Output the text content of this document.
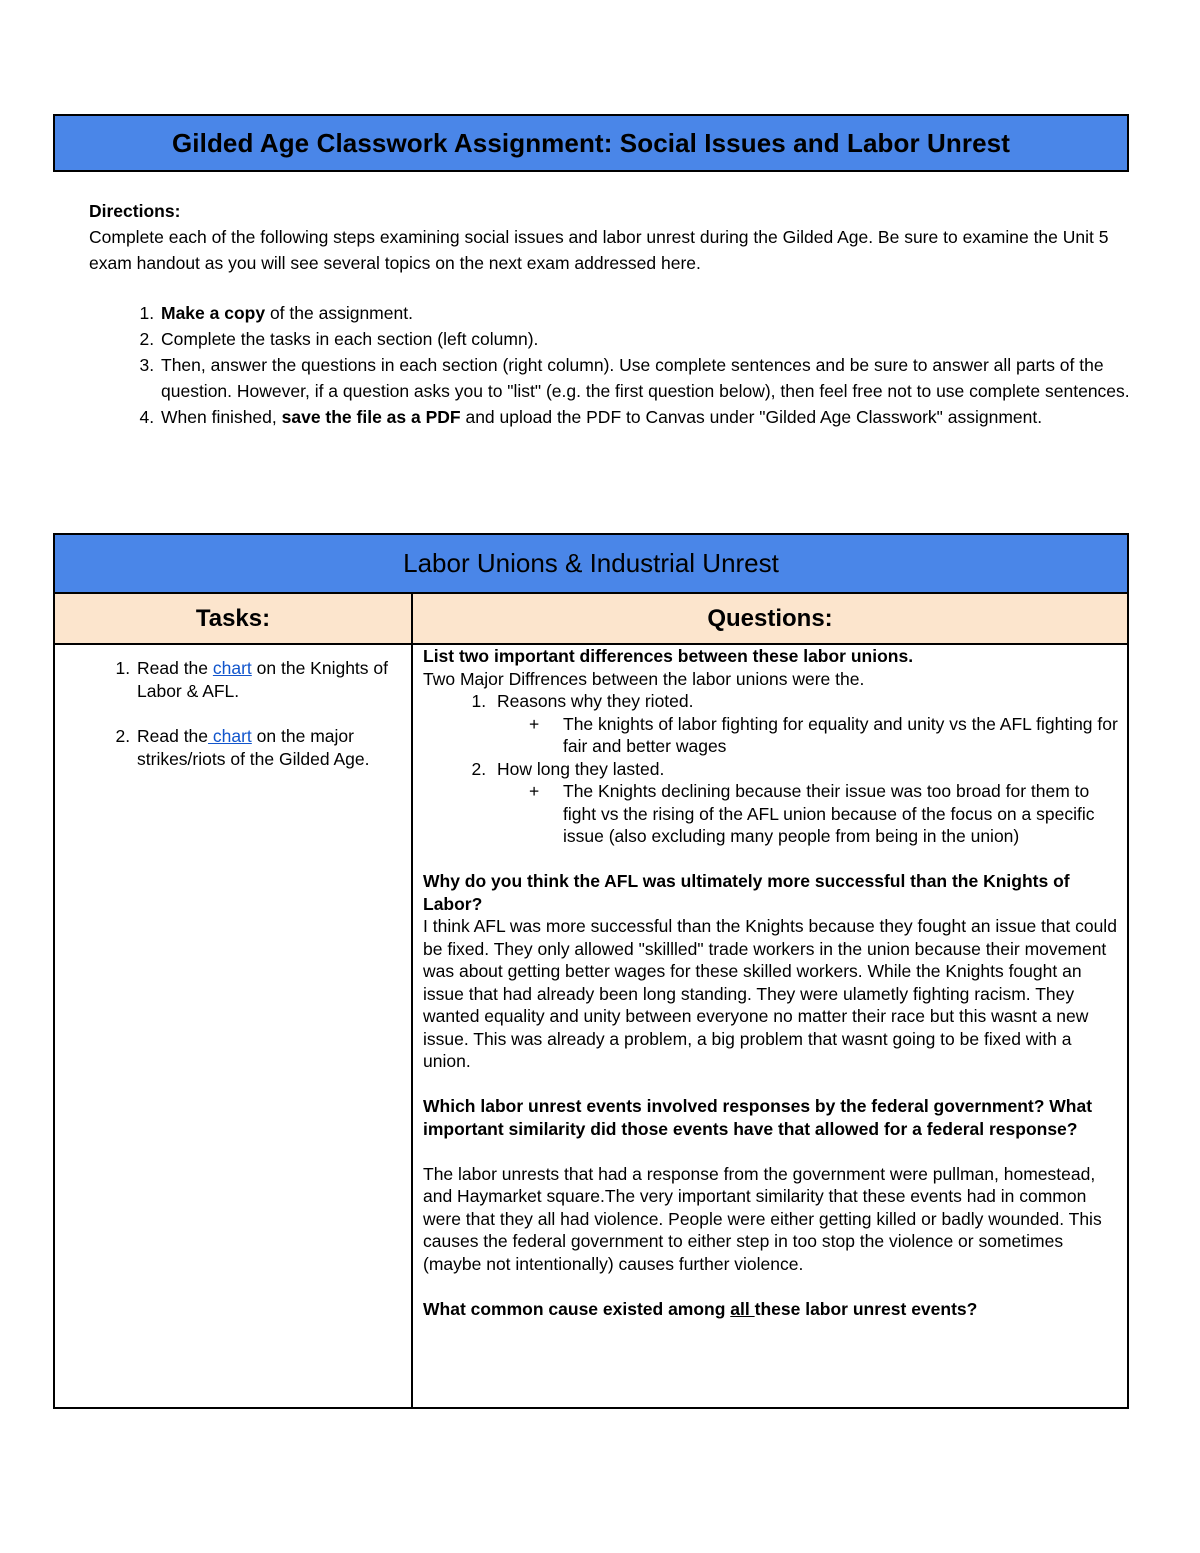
Gilded Age Classwork Assignment: Social Issues and Labor Unrest
Directions:

Complete each of the following steps examining social issues and labor unrest during the Gilded Age. Be sure to examine the Unit 5 exam handout as you will see several topics on the next exam addressed here.

1. Make a copy of the assignment.
2. Complete the tasks in each section (left column).
3. Then, answer the questions in each section (right column). Use complete sentences and be sure to answer all parts of the question. However, if a question asks you to "list" (e.g. the first question below), then feel free not to use complete sentences.
4. When finished, save the file as a PDF and upload the PDF to Canvas under "Gilded Age Classwork" assignment.
Labor Unions & Industrial Unrest
Tasks:	Questions:
1. Read the chart on the Knights of Labor & AFL.
2. Read the chart on the major strikes/riots of the Gilded Age.

List two important differences between these labor unions.

Two Major Diffrences between the labor unions were the.

1. Reasons why they rioted.
+ The knights of labor fighting for equality and unity vs the AFL fighting for fair and better wages
2. How long they lasted.
+ The Knights declining because their issue was too broad for them to fight vs the rising of the AFL union because of the focus on a specific issue (also excluding many people from being in the union)

Why do you think the AFL was ultimately more successful than the Knights of Labor?

I think AFL was more successful than the Knights because they fought an issue that could be fixed. They only allowed "skillled" trade workers in the union because their movement was about getting better wages for these skilled workers. While the Knights fought an issue that had already been long standing. They were ulametly fighting racism. They wanted equality and unity between everyone no matter their race but this wasnt a new issue. This was already a problem, a big problem that wasnt going to be fixed with a union.

Which labor unrest events involved responses by the federal government? What important similarity did those events have that allowed for a federal response?

The labor unrests that had a response from the government were pullman, homestead, and Haymarket square.The very important similarity that these events had in common were that they all had violence. People were either getting killed or badly wounded. This causes the federal government to either step in too stop the violence or sometimes (maybe not intentionally) causes further violence.

What common cause existed among all these labor unrest events?
